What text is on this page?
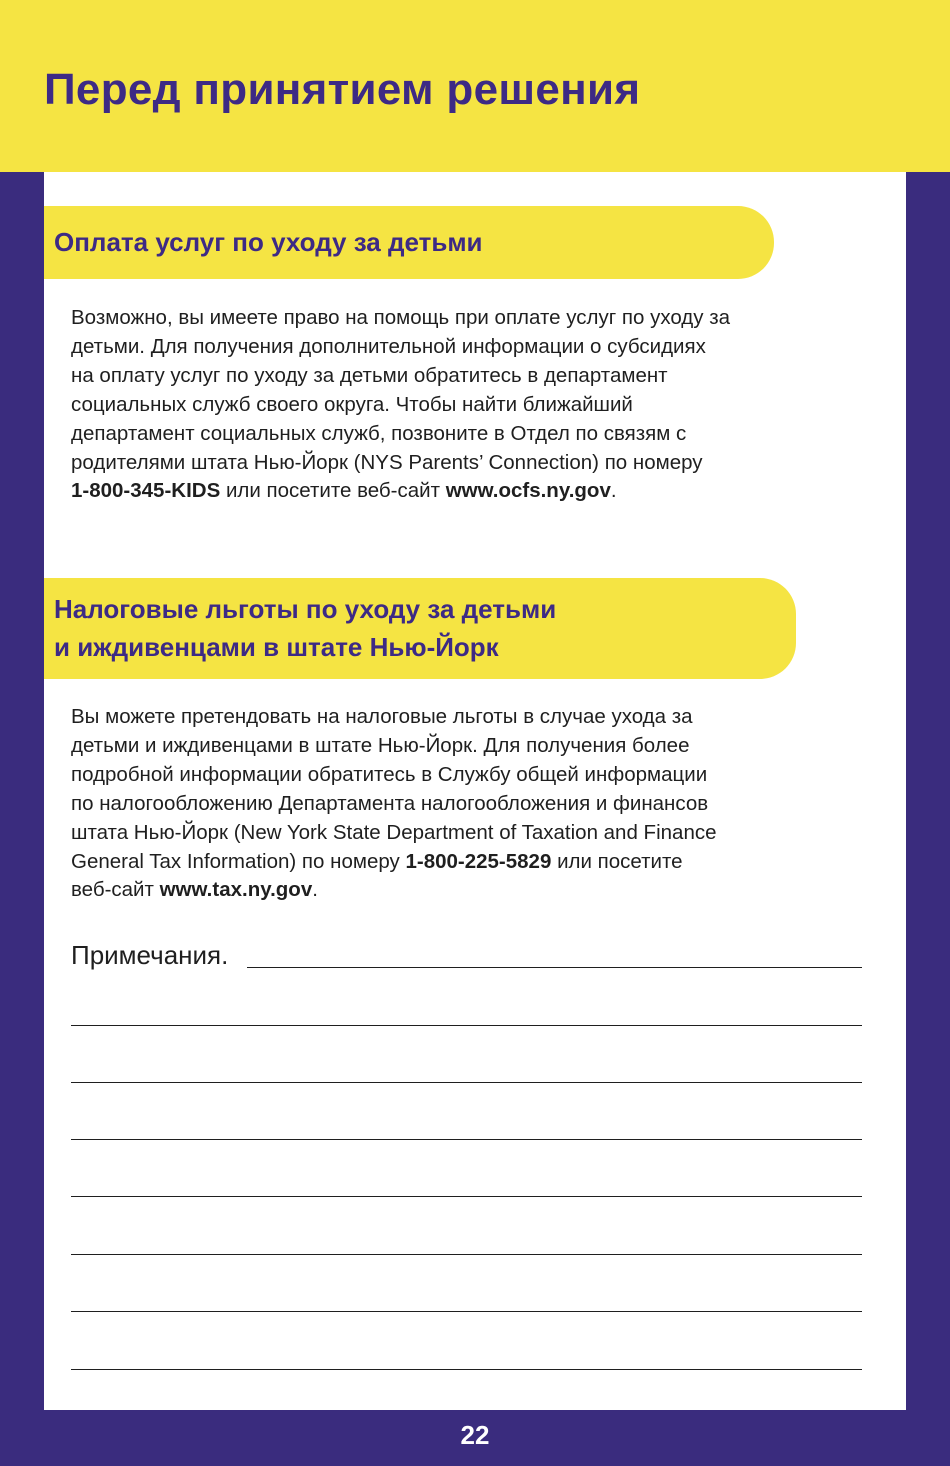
Перед принятием решения
Оплата услуг по уходу за детьми

Возможно, вы имеете право на помощь при оплате услуг по уходу за
детьми. Для получения дополнительной информации о субсидиях
на оплату услуг по уходу за детьми обратитесь в департамент
социальных служб своего округа. Чтобы найти ближайший
департамент социальных служб, позвоните в Отдел по связям с
родителями штата Нью-Йорк (NYS Parents’ Connection) по номеру
1-800-345-KIDS или посетите веб-сайт www.ocfs.ny.gov.

Налоговые льготы по уходу за детьми
и иждивенцами в штате Нью-Йорк

Вы можете претендовать на налоговые льготы в случае ухода за
детьми и иждивенцами в штате Нью-Йорк. Для получения более
подробной информации обратитесь в Службу общей информации
по налогообложению Департамента налогообложения и финансов
штата Нью-Йорк (New York State Department of Taxation and Finance
General Tax Information) по номеру 1-800-225-5829 или посетите
веб-сайт www.tax.ny.gov.

Примечания.
22
